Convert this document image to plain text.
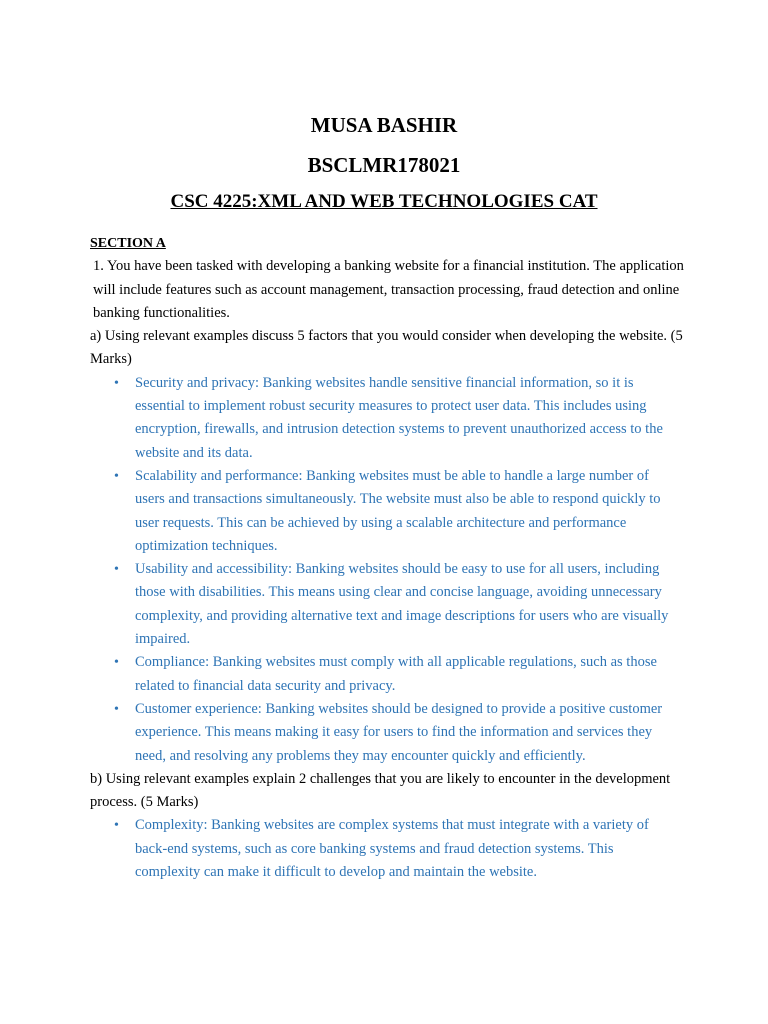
MUSA BASHIR
BSCLMR178021
CSC 4225:XML AND WEB TECHNOLOGIES CAT
SECTION A

1. You have been tasked with developing a banking website for a financial institution. The application will include features such as account management, transaction processing, fraud detection and online banking functionalities.

a) Using relevant examples discuss 5 factors that you would consider when developing the website. (5 Marks)

• Security and privacy: Banking websites handle sensitive financial information, so it is essential to implement robust security measures to protect user data. This includes using encryption, firewalls, and intrusion detection systems to prevent unauthorized access to the website and its data.
• Scalability and performance: Banking websites must be able to handle a large number of users and transactions simultaneously. The website must also be able to respond quickly to user requests. This can be achieved by using a scalable architecture and performance optimization techniques.
• Usability and accessibility: Banking websites should be easy to use for all users, including those with disabilities. This means using clear and concise language, avoiding unnecessary complexity, and providing alternative text and image descriptions for users who are visually impaired.
• Compliance: Banking websites must comply with all applicable regulations, such as those related to financial data security and privacy.
• Customer experience: Banking websites should be designed to provide a positive customer experience. This means making it easy for users to find the information and services they need, and resolving any problems they may encounter quickly and efficiently.

b) Using relevant examples explain 2 challenges that you are likely to encounter in the development process. (5 Marks)

• Complexity: Banking websites are complex systems that must integrate with a variety of back-end systems, such as core banking systems and fraud detection systems. This complexity can make it difficult to develop and maintain the website.
